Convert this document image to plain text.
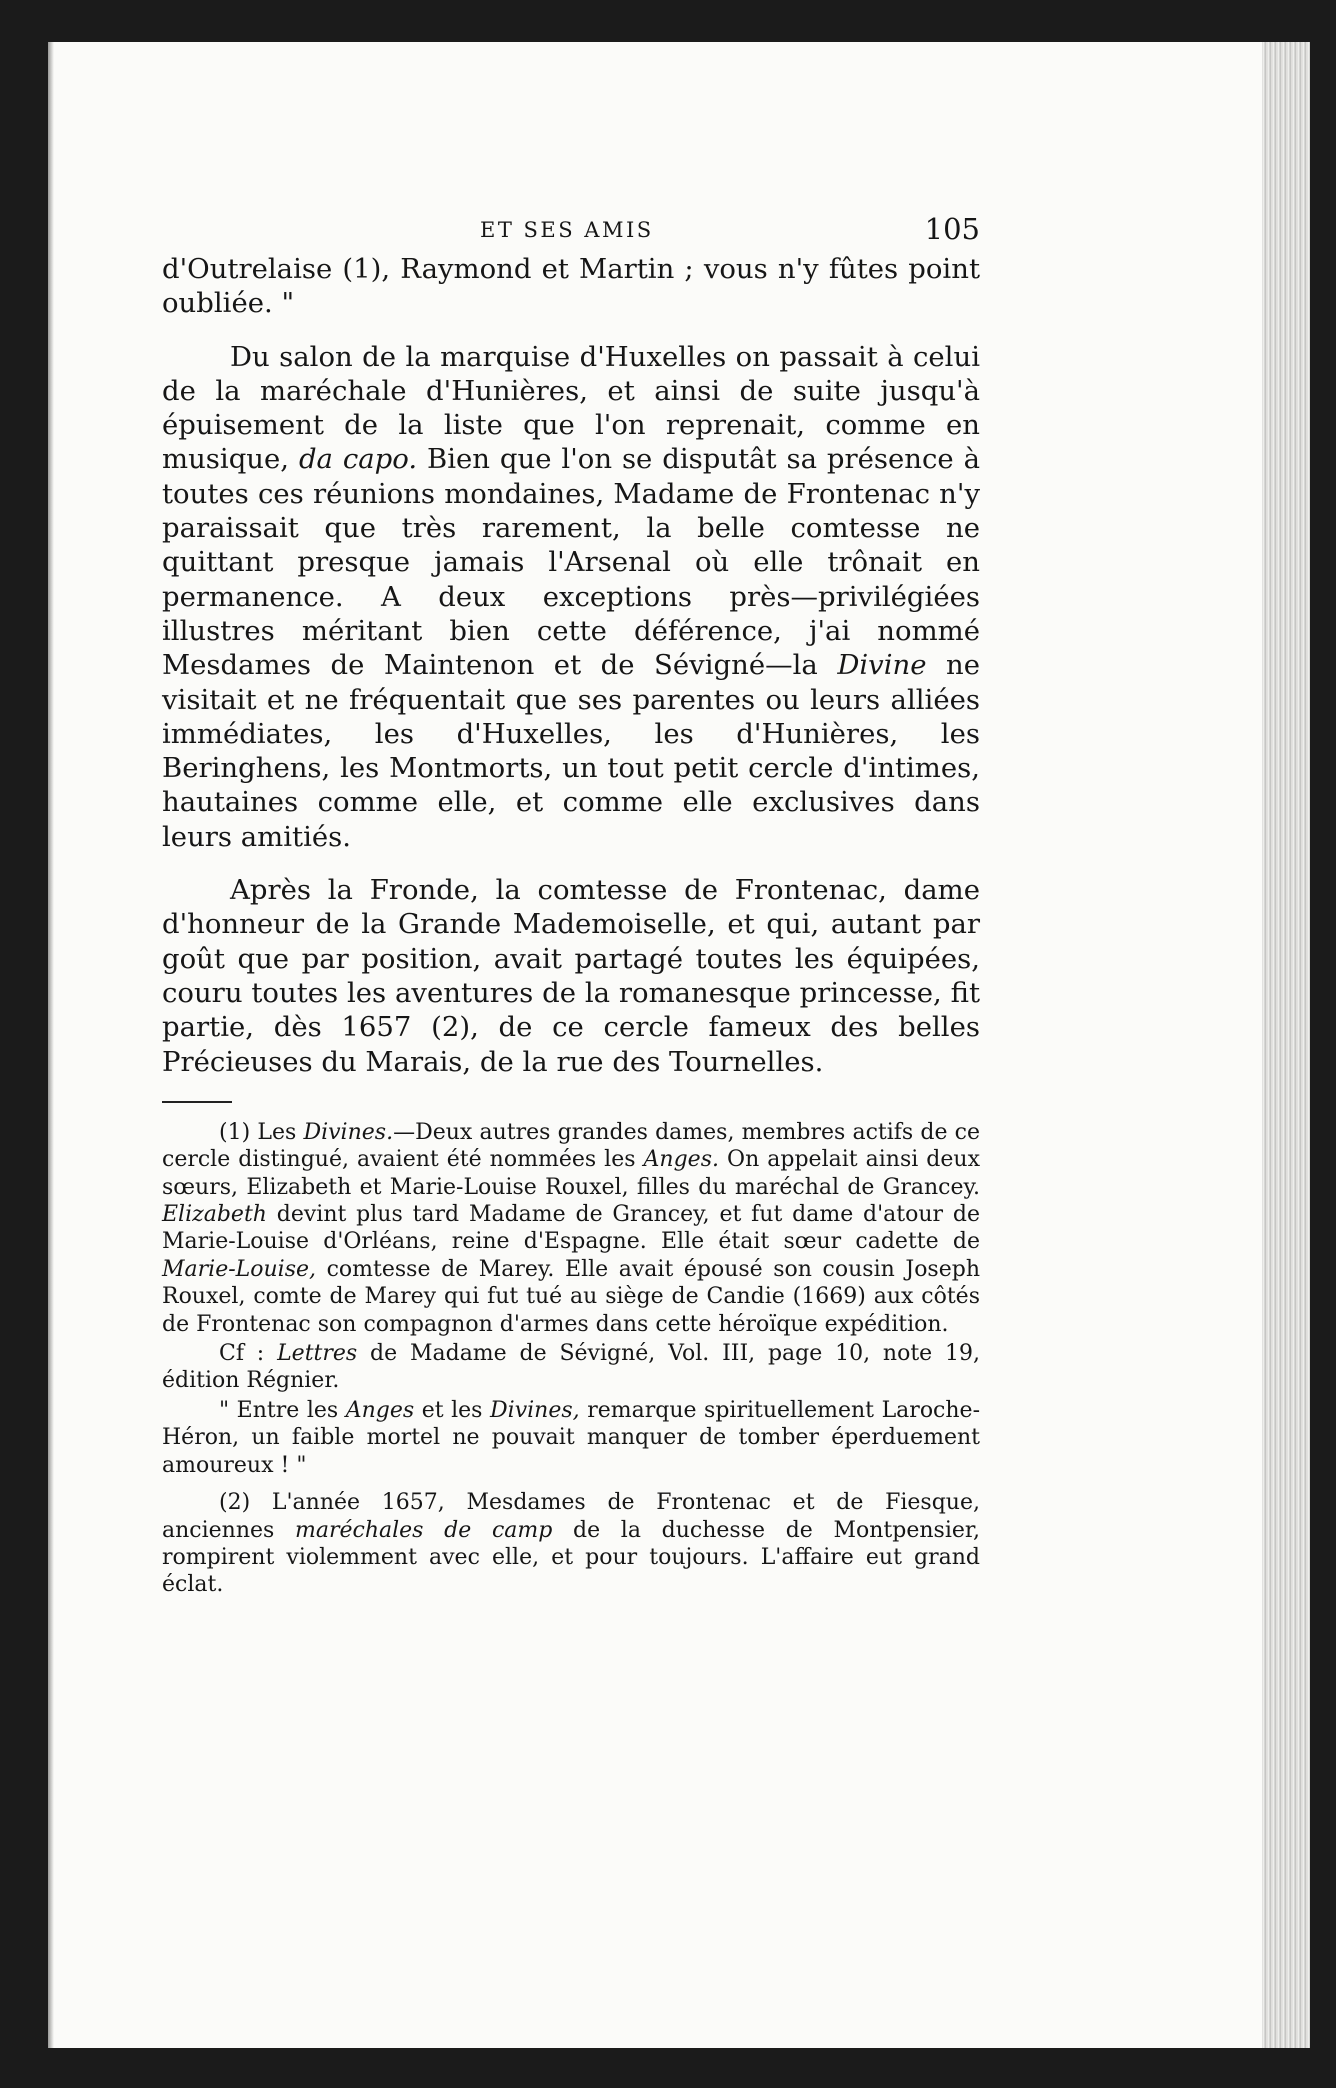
ET SES AMIS	105

d'Outrelaise (1), Raymond et Martin ; vous n'y fûtes point oubliée. "

Du salon de la marquise d'Huxelles on passait à celui de la maréchale d'Hunières, et ainsi de suite jusqu'à épuisement de la liste que l'on reprenait, comme en musique, da capo. Bien que l'on se disputât sa présence à toutes ces réunions mondaines, Madame de Frontenac n'y paraissait que très rarement, la belle comtesse ne quittant presque jamais l'Arsenal où elle trônait en permanence. A deux exceptions près—privilégiées illustres méritant bien cette déférence, j'ai nommé Mesdames de Maintenon et de Sévigné—la Divine ne visitait et ne fréquentait que ses parentes ou leurs alliées immédiates, les d'Huxelles, les d'Hunières, les Beringhens, les Montmorts, un tout petit cercle d'intimes, hautaines comme elle, et comme elle exclusives dans leurs amitiés.

Après la Fronde, la comtesse de Frontenac, dame d'honneur de la Grande Mademoiselle, et qui, autant par goût que par position, avait partagé toutes les équipées, couru toutes les aventures de la romanesque princesse, fit partie, dès 1657 (2), de ce cercle fameux des belles Précieuses du Marais, de la rue des Tournelles.

(1) Les Divines.—Deux autres grandes dames, membres actifs de ce cercle distingué, avaient été nommées les Anges. On appelait ainsi deux sœurs, Elizabeth et Marie-Louise Rouxel, filles du maréchal de Grancey. Elizabeth devint plus tard Madame de Grancey, et fut dame d'atour de Marie-Louise d'Orléans, reine d'Espagne. Elle était sœur cadette de Marie-Louise, comtesse de Marey. Elle avait épousé son cousin Joseph Rouxel, comte de Marey qui fut tué au siège de Candie (1669) aux côtés de Frontenac son compagnon d'armes dans cette héroïque expédition.

Cf : Lettres de Madame de Sévigné, Vol. III, page 10, note 19, édition Régnier.

" Entre les Anges et les Divines, remarque spirituellement Laroche-Héron, un faible mortel ne pouvait manquer de tomber éperduement amoureux ! "

(2) L'année 1657, Mesdames de Frontenac et de Fiesque, anciennes maréchales de camp de la duchesse de Montpensier, rompirent violemment avec elle, et pour toujours. L'affaire eut grand éclat.
